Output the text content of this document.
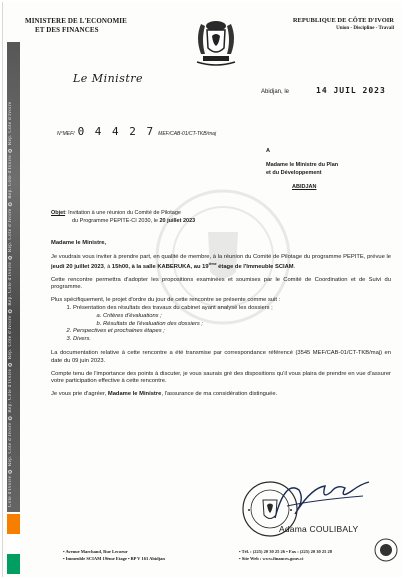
Côte d'Ivoire ✪ Rép. Côte d'Ivoire ✪ Rép. Côte d'Ivoire ✪ Rép. Côte d'Ivoire ✪ Rép. Côte d'Ivoire ✪ Rép. Côte d'Ivoire ✪ Rép. Côte d'Ivoire ✪ Rép. Côte d'Ivoire
MINISTERE DE L'ECONOMIE
ET DES FINANCES
REPUBLIQUE DE CÔTE D'IVOIR
Union - Discipline - Travail
Le Ministre
Abidjan, le	14 JUIL 2023
N°MEF/ 0 4 4 2 7 MEF/CAB-01/CT-TKB/maj
A
Madame le Ministre du Plan
et du Développement
ABIDJAN
Objet: Invitation à une réunion du Comité de Pilotage
du Programme PEPITE-CI 2030, le 20 juillet 2023

Madame le Ministre,

Je voudrais vous inviter à prendre part, en qualité de membre, à la réunion du Comité de Pilotage du programme PEPITE, prévue le jeudi 20 juillet 2023, à 15h00, à la salle KABERUKA, au 19ième étage de l'Immeuble SCIAM.

Cette rencontre permettra d'adopter les propositions examinées et soumises par le Comité de Coordination et de Suivi du programme.

Plus spécifiquement, le projet d'ordre du jour de cette rencontre se présente comme suit :

1. Présentation des résultats des travaux du cabinet ayant analysé les dossiers ;
a. Critères d'évaluations ;
b. Résultats de l'évaluation des dossiers ;
2. Perspectives et prochaines étapes ;
3. Divers.

La documentation relative à cette rencontre a été transmise par correspondance référencé (3545 MEF/CAB-01/CT-TKB/maj) en date du 09 juin 2023.

Compte tenu de l'importance des points à discuter, je vous saurais gré des dispositions qu'il vous plaira de prendre en vue d'assurer votre participation effective à cette rencontre.

Je vous prie d'agréer, Madame le Ministre, l'assurance de ma considération distinguée.

Adama COULIBALY
• Avenue Marchand, Rue Lecoeur
• Immeuble SCIAM 19ème Etage • BP V 163 Abidjan
• Tél. : (225) 20 30 25 26 • Fax : (225) 20 30 25 28
• Site Web : www.finances.gouv.ci
